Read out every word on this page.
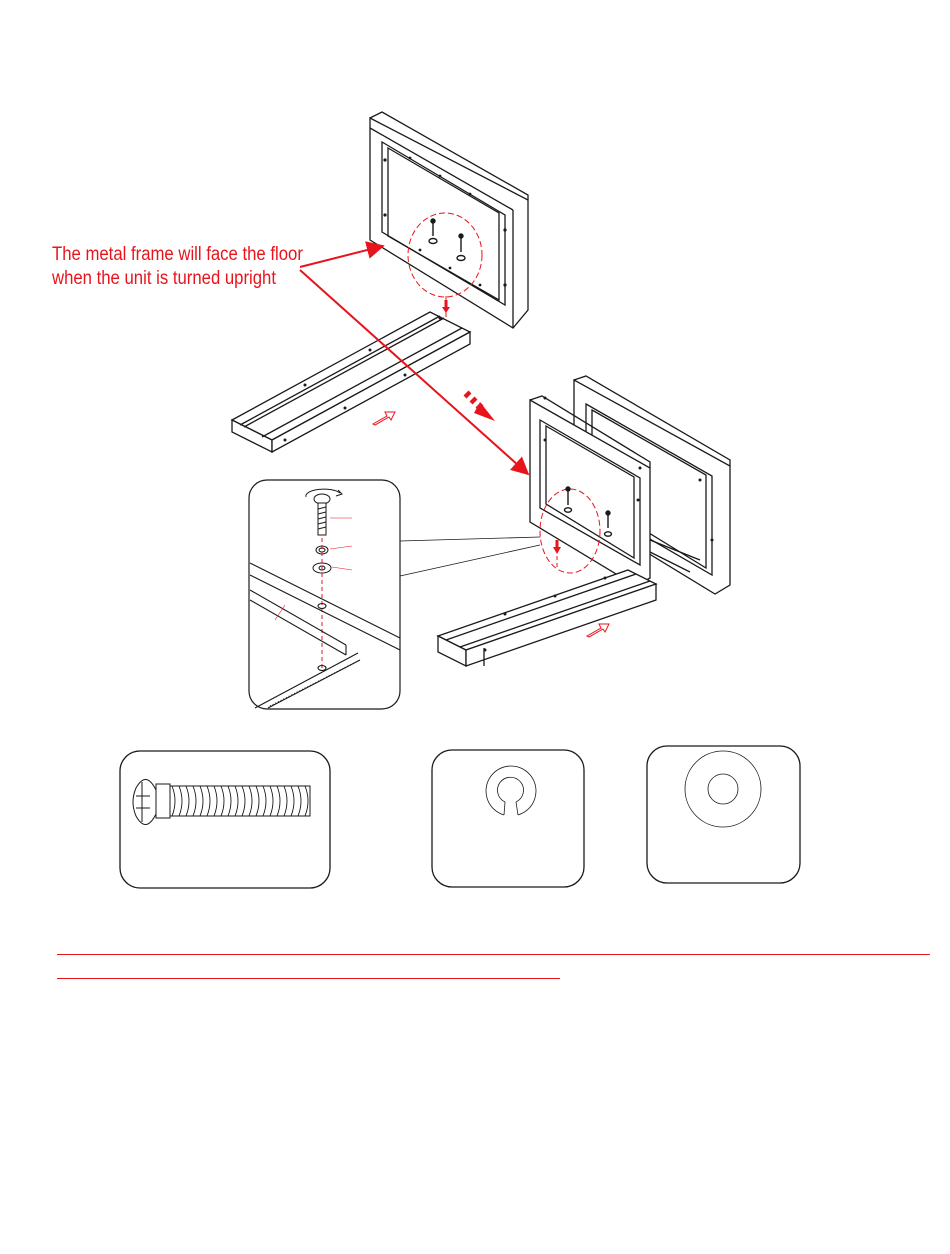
The metal frame will face the floor
when the unit is turned upright
